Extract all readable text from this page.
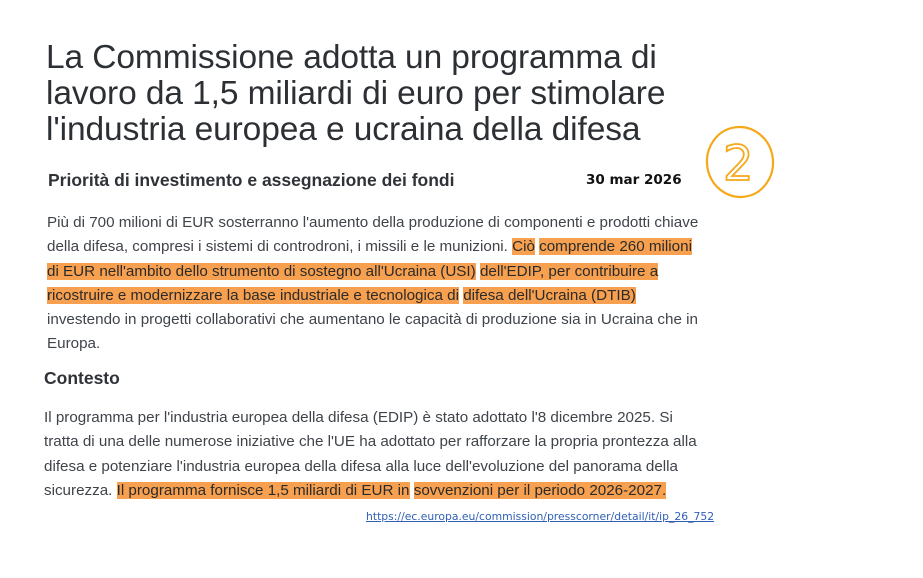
La Commissione adotta un programma di lavoro da 1,5 miliardi di euro per stimolare l'industria europea e ucraina della difesa
Priorità di investimento e assegnazione dei fondi	30 mar 2026 2

Più di 700 milioni di EUR sosterranno l'aumento della produzione di componenti e prodotti chiave della difesa, compresi i sistemi di controdroni, i missili e le munizioni. Ciò comprende 260 milioni di EUR nell'ambito dello strumento di sostegno all'Ucraina (USI) dell'EDIP, per contribuire a ricostruire e modernizzare la base industriale e tecnologica di difesa dell'Ucraina (DTIB) investendo in progetti collaborativi che aumentano le capacità di produzione sia in Ucraina che in Europa.

Contesto

Il programma per l'industria europea della difesa (EDIP) è stato adottato l'8 dicembre 2025. Si tratta di una delle numerose iniziative che l'UE ha adottato per rafforzare la propria prontezza alla difesa e potenziare l'industria europea della difesa alla luce dell'evoluzione del panorama della sicurezza. Il programma fornisce 1,5 miliardi di EUR in sovvenzioni per il periodo 2026-2027.

https://ec.europa.eu/commission/presscorner/detail/it/ip_26_752
